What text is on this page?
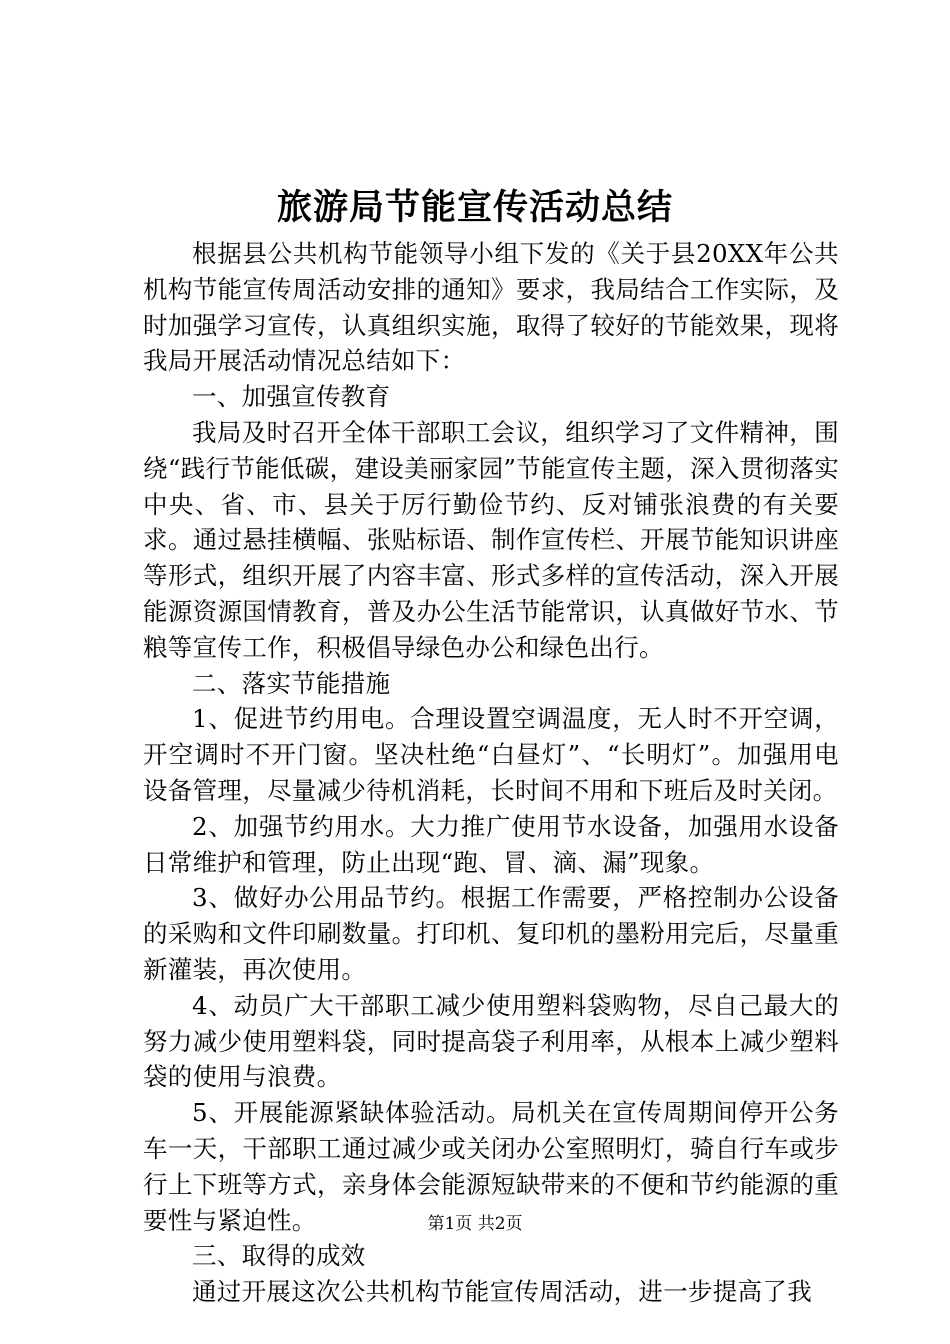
旅游局节能宣传活动总结

根据县公共机构节能领导小组下发的《关于县20XX年公共机构节能宣传周活动安排的通知》要求，我局结合工作实际，及时加强学习宣传，认真组织实施，取得了较好的节能效果，现将我局开展活动情况总结如下：

一、加强宣传教育

我局及时召开全体干部职工会议，组织学习了文件精神，围绕“践行节能低碳，建设美丽家园”节能宣传主题，深入贯彻落实中央、省、市、县关于厉行勤俭节约、反对铺张浪费的有关要求。通过悬挂横幅、张贴标语、制作宣传栏、开展节能知识讲座等形式，组织开展了内容丰富、形式多样的宣传活动，深入开展能源资源国情教育，普及办公生活节能常识，认真做好节水、节粮等宣传工作，积极倡导绿色办公和绿色出行。

二、落实节能措施

1、促进节约用电。合理设置空调温度，无人时不开空调，开空调时不开门窗。坚决杜绝“白昼灯”、“长明灯”。加强用电设备管理，尽量减少待机消耗，长时间不用和下班后及时关闭。

2、加强节约用水。大力推广使用节水设备，加强用水设备日常维护和管理，防止出现“跑、冒、滴、漏”现象。

3、做好办公用品节约。根据工作需要，严格控制办公设备的采购和文件印刷数量。打印机、复印机的墨粉用完后，尽量重新灌装，再次使用。

4、动员广大干部职工减少使用塑料袋购物，尽自己最大的努力减少使用塑料袋，同时提高袋子利用率，从根本上减少塑料袋的使用与浪费。

5、开展能源紧缺体验活动。局机关在宣传周期间停开公务车一天，干部职工通过减少或关闭办公室照明灯，骑自行车或步行上下班等方式，亲身体会能源短缺带来的不便和节约能源的重要性与紧迫性。

三、取得的成效

通过开展这次公共机构节能宣传周活动，进一步提高了我

第1页 共2页
